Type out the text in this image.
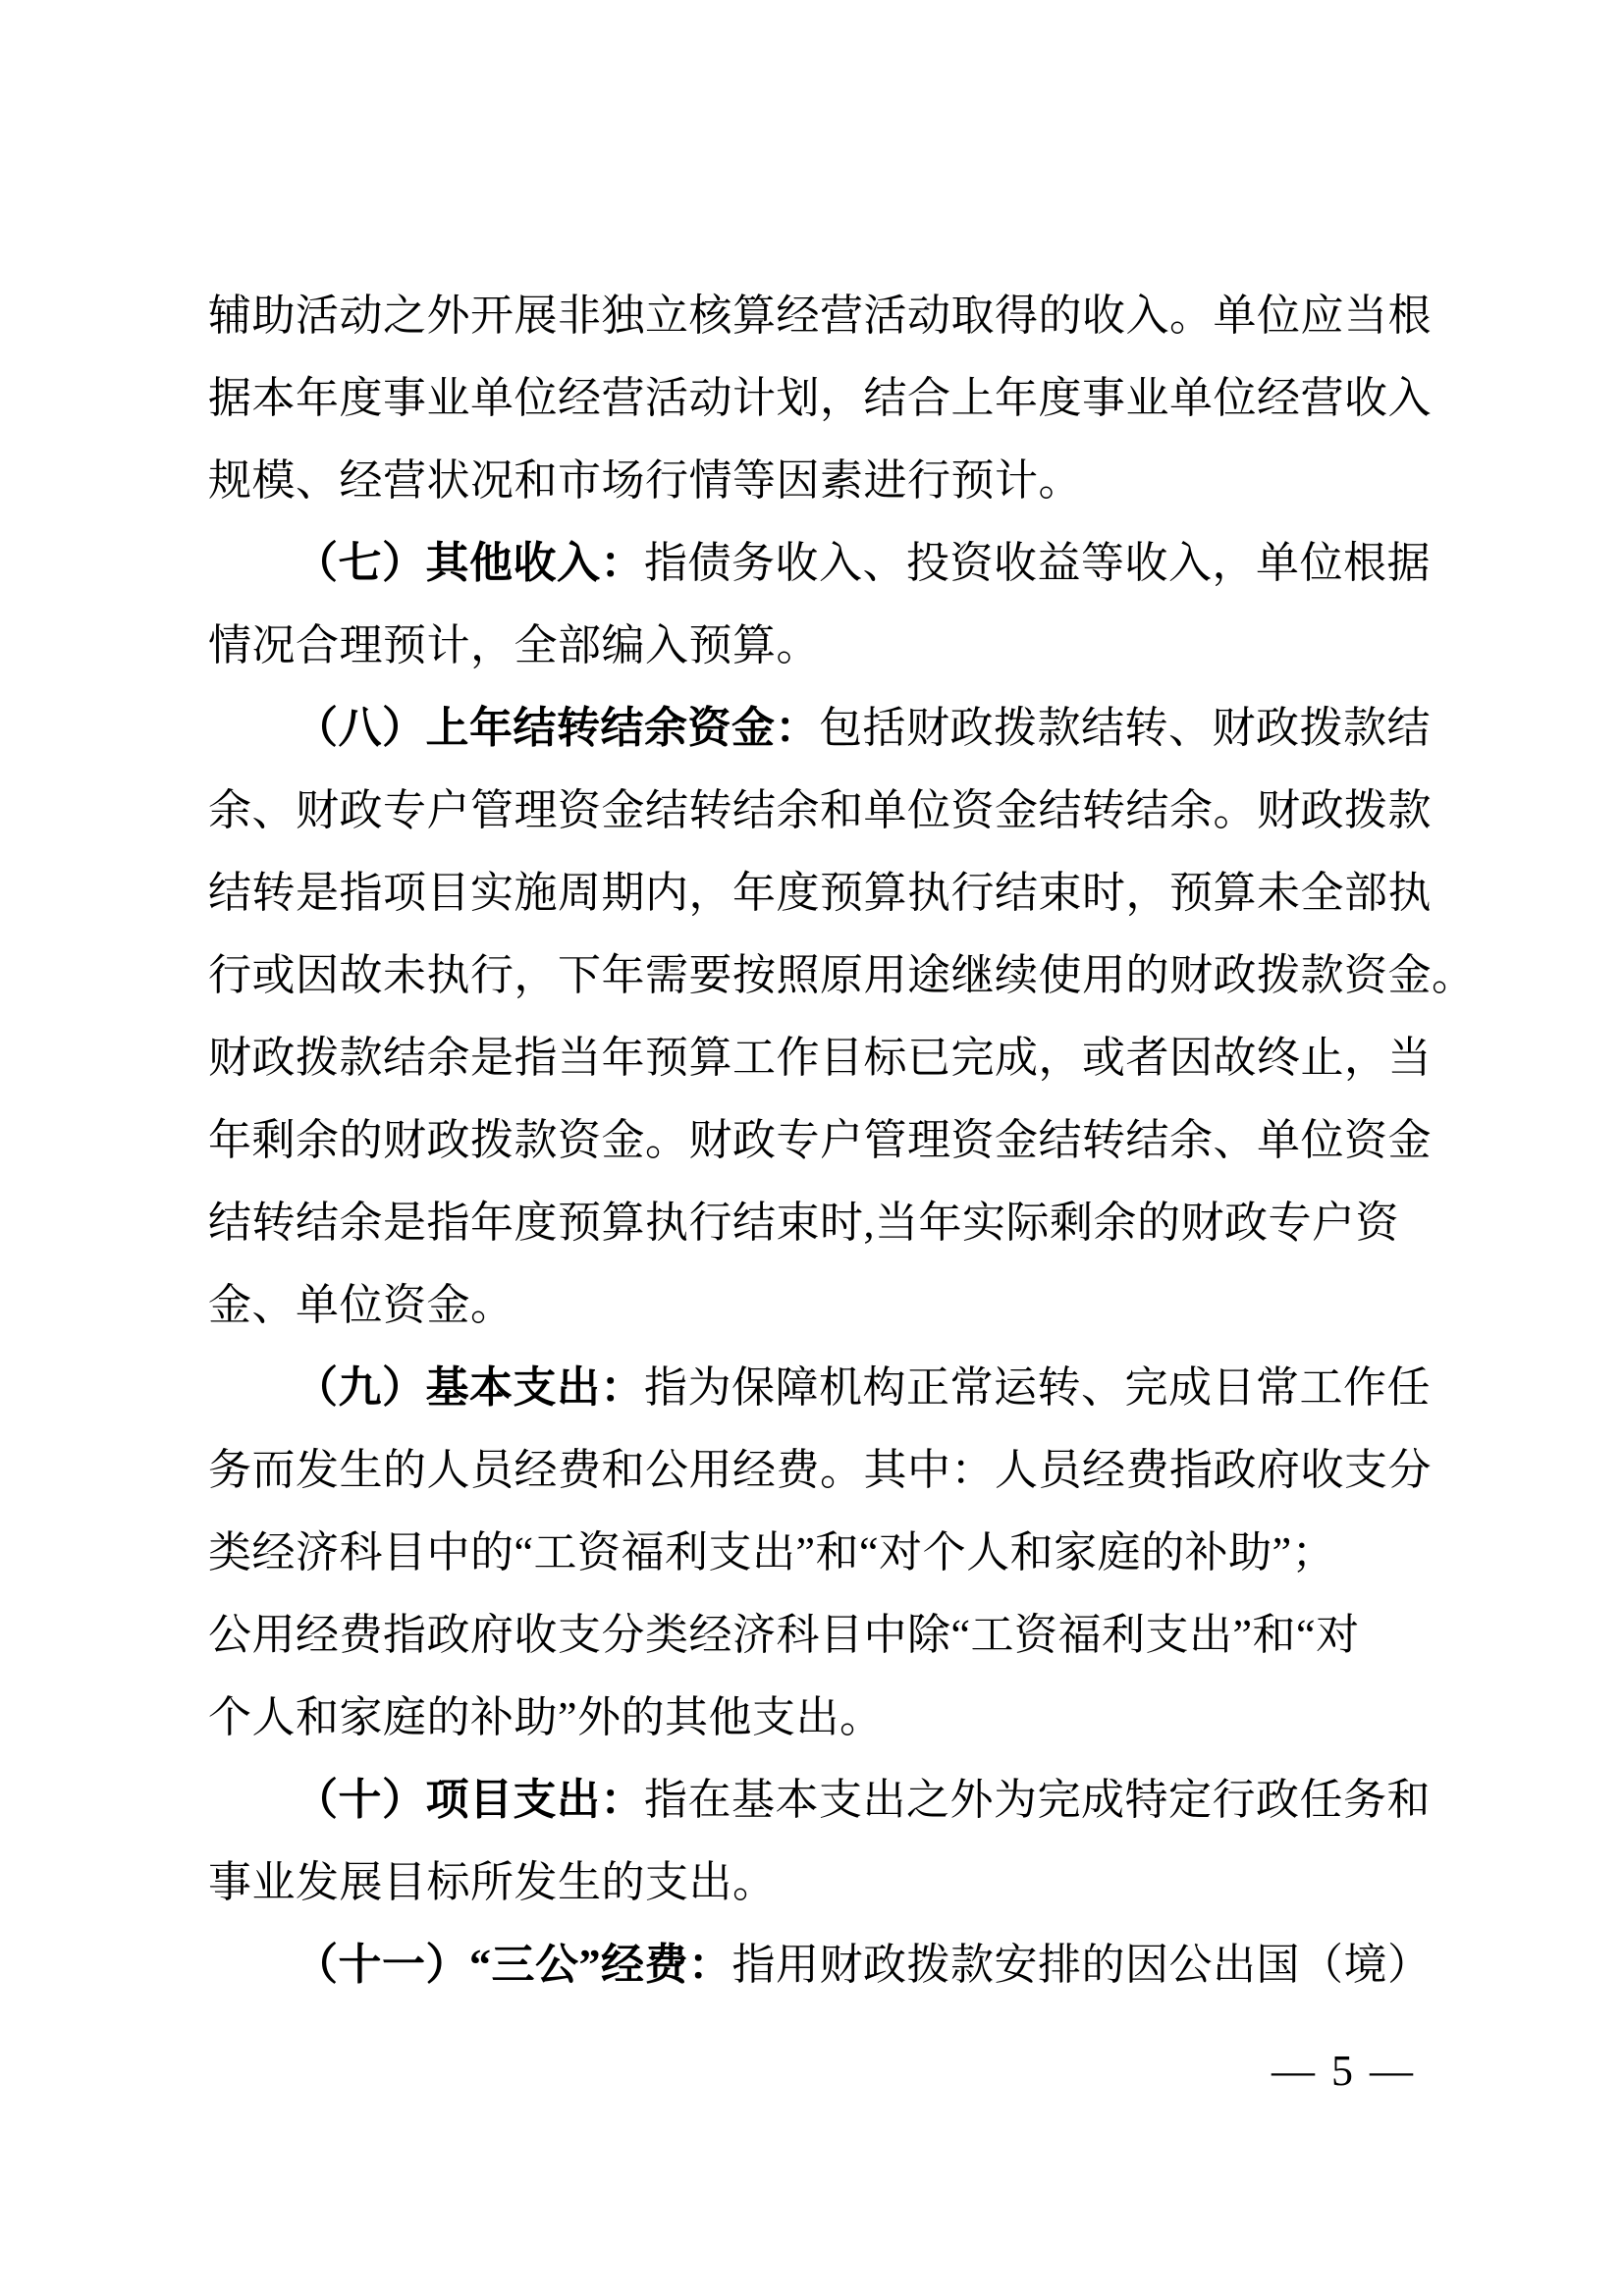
辅助活动之外开展非独立核算经营活动取得的收入。单位应当根
据本年度事业单位经营活动计划，结合上年度事业单位经营收入
规模、经营状况和市场行情等因素进行预计。
（七）其他收入：指债务收入、投资收益等收入，单位根据
情况合理预计，全部编入预算。
（八）上年结转结余资金：包括财政拨款结转、财政拨款结
余、财政专户管理资金结转结余和单位资金结转结余。财政拨款
结转是指项目实施周期内，年度预算执行结束时，预算未全部执
行或因故未执行，下年需要按照原用途继续使用的财政拨款资金。
财政拨款结余是指当年预算工作目标已完成，或者因故终止，当
年剩余的财政拨款资金。财政专户管理资金结转结余、单位资金
结转结余是指年度预算执行结束时,当年实际剩余的财政专户资
金、单位资金。
（九）基本支出：指为保障机构正常运转、完成日常工作任
务而发生的人员经费和公用经费。其中：人员经费指政府收支分
类经济科目中的“工资福利支出”和“对个人和家庭的补助”；
公用经费指政府收支分类经济科目中除“工资福利支出”和“对
个人和家庭的补助”外的其他支出。
（十）项目支出：指在基本支出之外为完成特定行政任务和
事业发展目标所发生的支出。
（十一）“三公”经费：指用财政拨款安排的因公出国（境）
— 5 —
